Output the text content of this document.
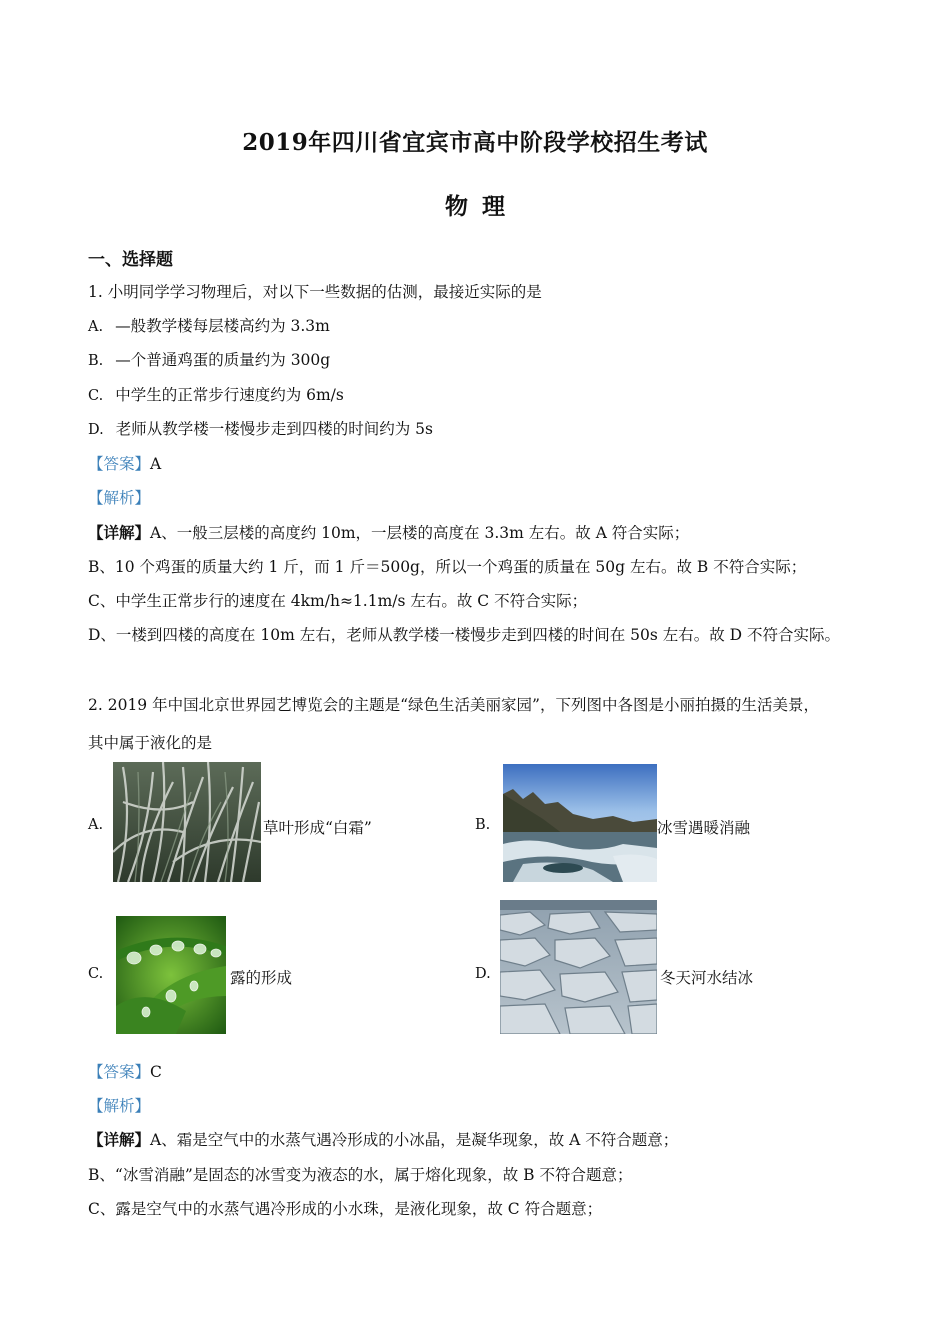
2019年四川省宜宾市高中阶段学校招生考试
物理
一、选择题
1. 小明同学学习物理后，对以下一些数据的估测，最接近实际的是
A. —般教学楼每层楼高约为 3.3m
B. —个普通鸡蛋的质量约为 300g
C. 中学生的正常步行速度约为 6m/s
D. 老师从教学楼一楼慢步走到四楼的时间约为 5s
【答案】A
【解析】
【详解】A、一般三层楼的高度约 10m，一层楼的高度在 3.3m 左右。故 A 符合实际；
B、10 个鸡蛋的质量大约 1 斤，而 1 斤＝500g，所以一个鸡蛋的质量在 50g 左右。故 B 不符合实际；
C、中学生正常步行的速度在 4km/h≈1.1m/s 左右。故 C 不符合实际；
D、一楼到四楼的高度在 10m 左右，老师从教学楼一楼慢步走到四楼的时间在 50s 左右。故 D 不符合实际。
2. 2019 年中国北京世界园艺博览会的主题是“绿色生活美丽家园”，下列图中各图是小丽拍摄的生活美景，
其中属于液化的是
A.	草叶形成“白霜”	B.	冰雪遇暖消融
C.	露的形成	D.	冬天河水结冰
【答案】C
【解析】
【详解】A、霜是空气中的水蒸气遇冷形成的小冰晶，是凝华现象，故 A 不符合题意；
B、“冰雪消融”是固态的冰雪变为液态的水，属于熔化现象，故 B 不符合题意；
C、露是空气中的水蒸气遇冷形成的小水珠，是液化现象，故 C 符合题意；
